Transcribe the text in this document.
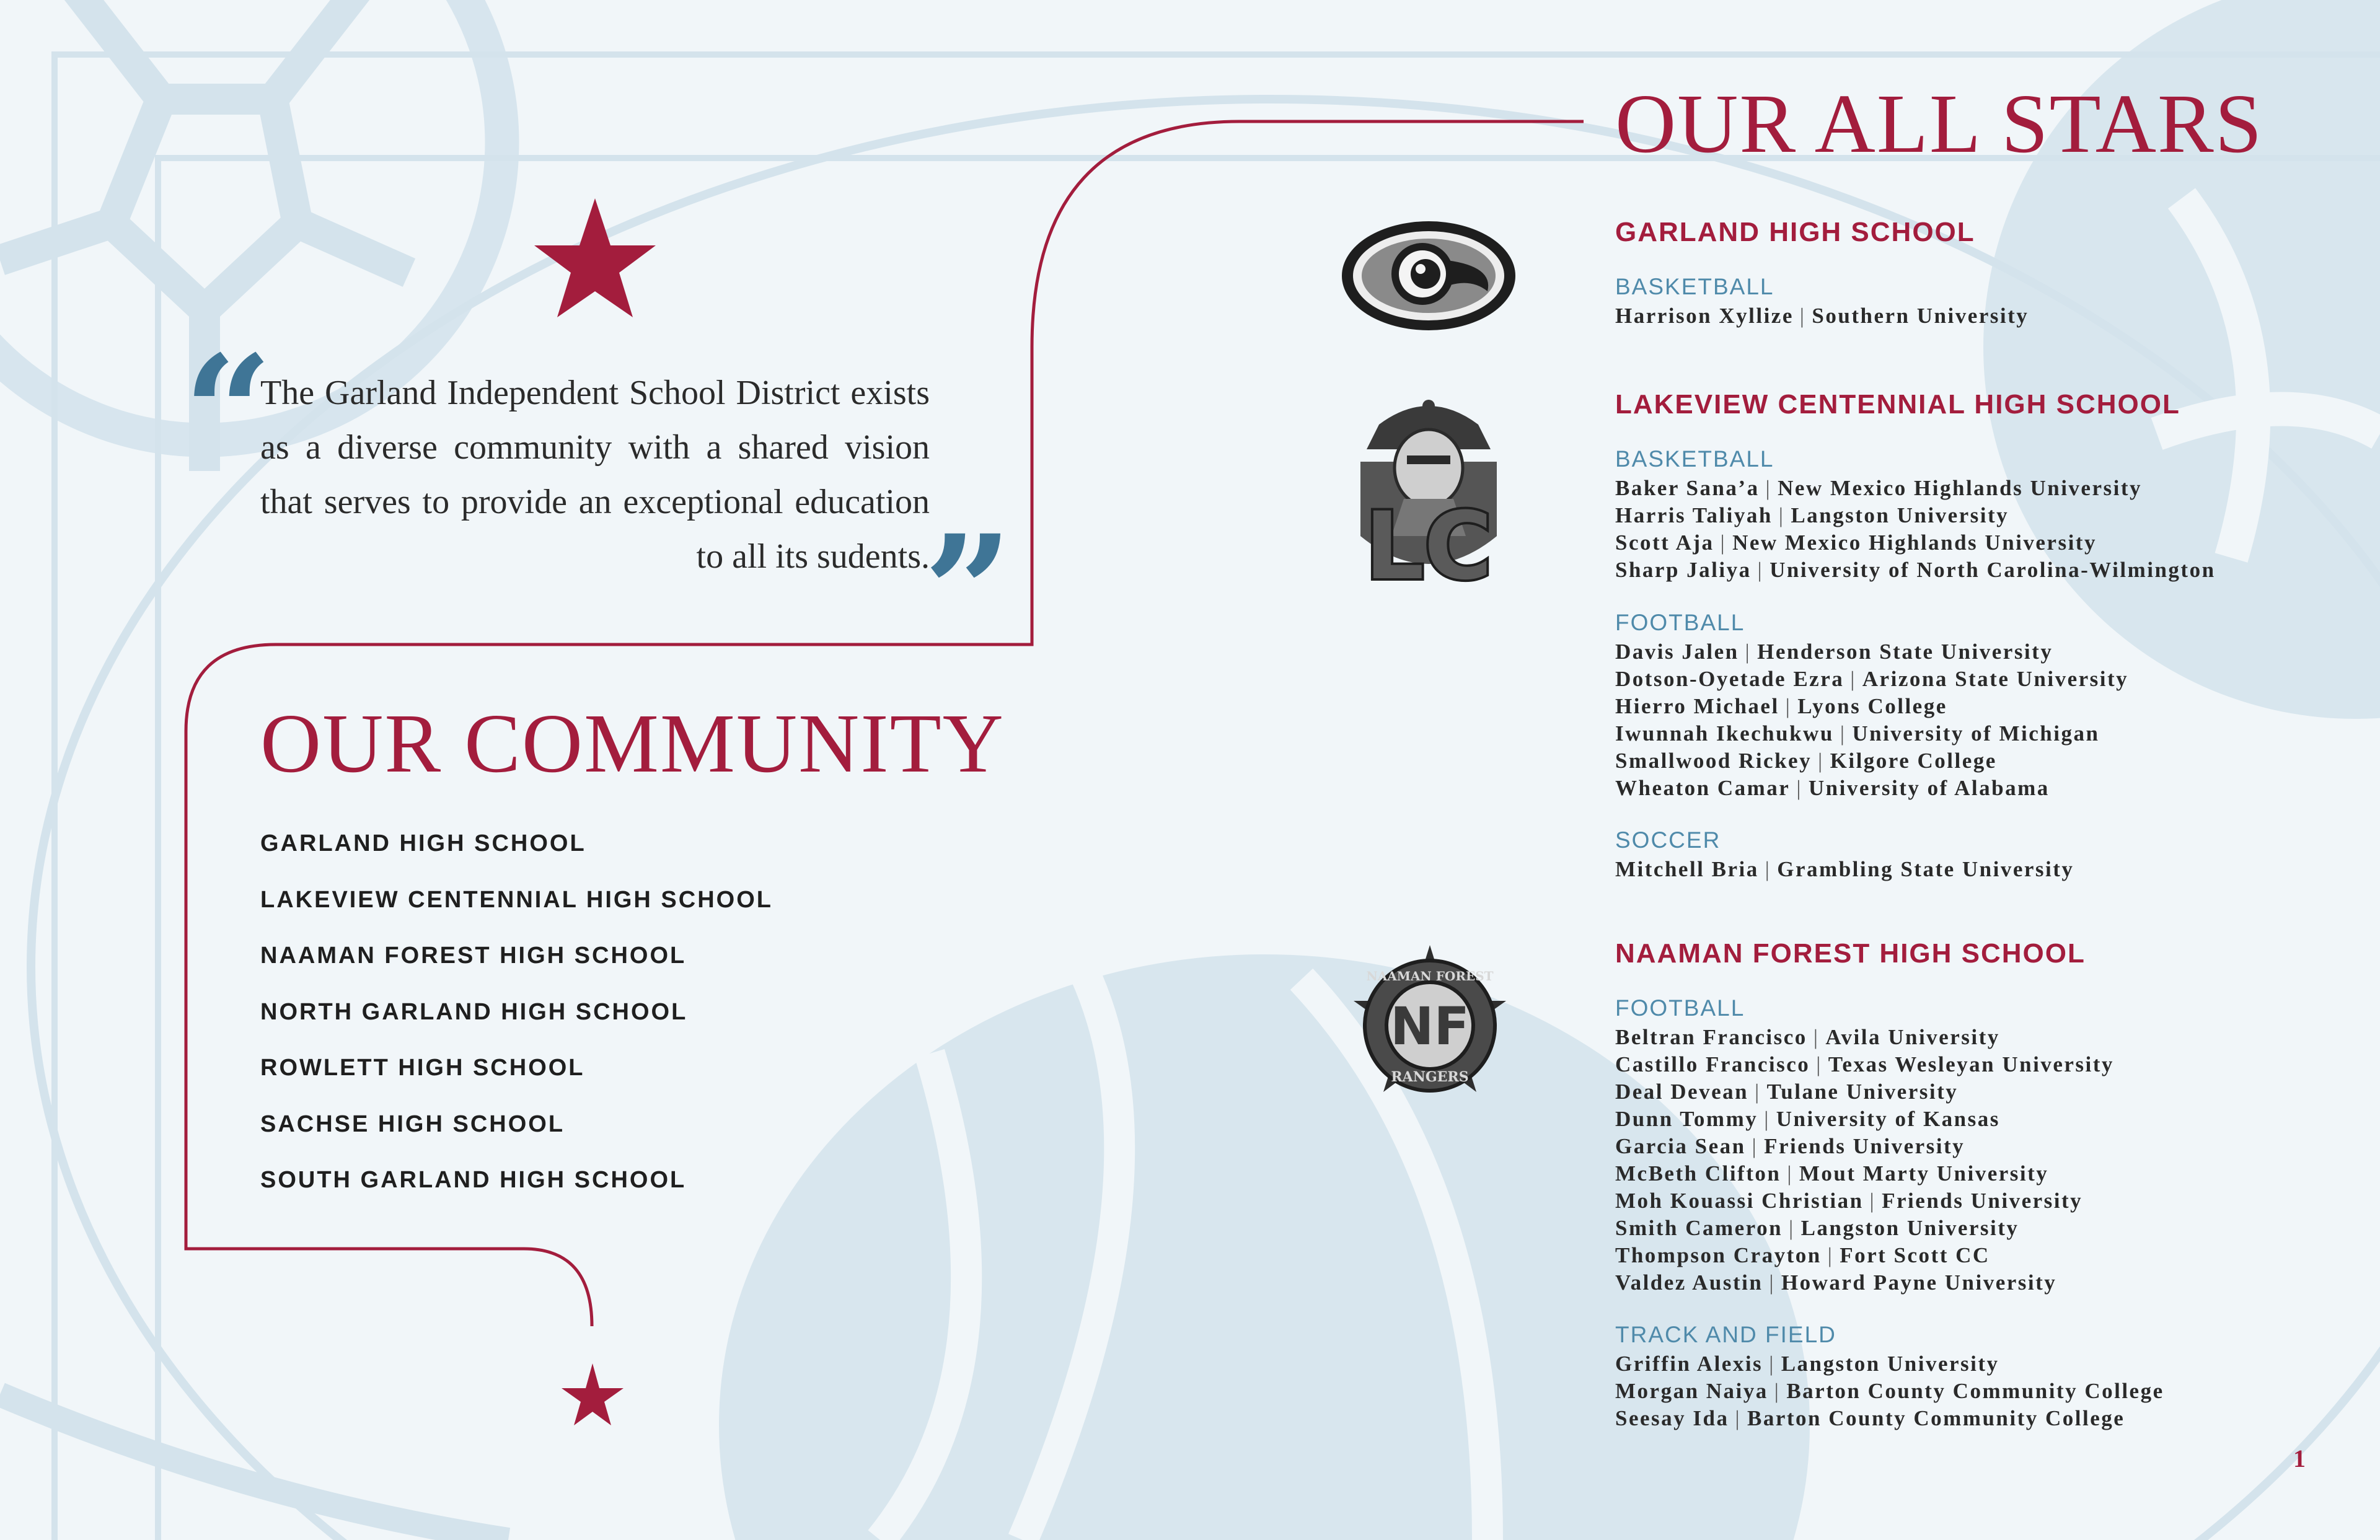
“
The Garland Independent School District exists as a diverse community with a shared vision that serves to provide an exceptional education to all its sudents.
”
OUR COMMUNITY
GARLAND HIGH SCHOOL
LAKEVIEW CENTENNIAL HIGH SCHOOL
NAAMAN FOREST HIGH SCHOOL
NORTH GARLAND HIGH SCHOOL
ROWLETT HIGH SCHOOL
SACHSE HIGH SCHOOL
SOUTH GARLAND HIGH SCHOOL
OUR ALL STARS
LC
NF
NAAMAN FOREST
RANGERS
GARLAND HIGH SCHOOL
BASKETBALL
Harrison Xyllize | Southern University
LAKEVIEW CENTENNIAL HIGH SCHOOL
BASKETBALL
Baker Sana’a | New Mexico Highlands University
Harris Taliyah | Langston University
Scott Aja | New Mexico Highlands University
Sharp Jaliya | University of North Carolina-Wilmington
FOOTBALL
Davis Jalen | Henderson State University
Dotson-Oyetade Ezra | Arizona State University
Hierro Michael | Lyons College
Iwunnah Ikechukwu | University of Michigan
Smallwood Rickey | Kilgore College
Wheaton Camar | University of Alabama
SOCCER
Mitchell Bria | Grambling State University
NAAMAN FOREST HIGH SCHOOL
FOOTBALL
Beltran Francisco | Avila University
Castillo Francisco | Texas Wesleyan University
Deal Devean | Tulane University
Dunn Tommy | University of Kansas
Garcia Sean | Friends University
McBeth Clifton | Mout Marty University
Moh Kouassi Christian | Friends University
Smith Cameron | Langston University
Thompson Crayton | Fort Scott CC
Valdez Austin | Howard Payne University
TRACK AND FIELD
Griffin Alexis | Langston University
Morgan Naiya | Barton County Community College
Seesay Ida | Barton County Community College
1
